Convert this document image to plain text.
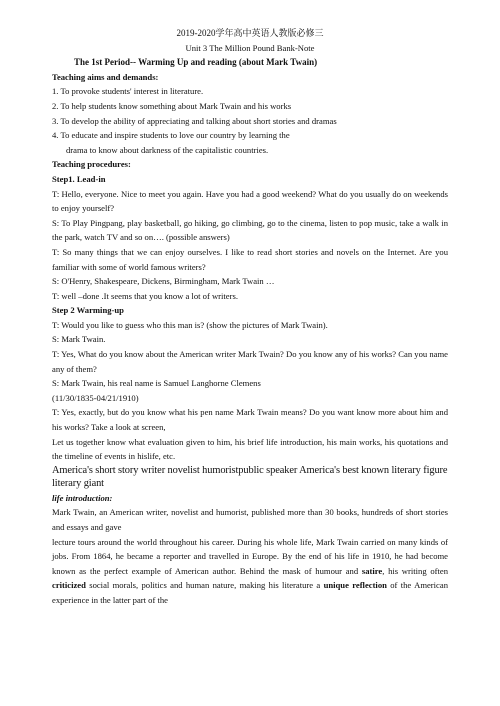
2019-2020学年高中英语人教版必修三

Unit 3 The Million Pound Bank-Note

The 1st Period-- Warming Up and reading (about Mark Twain)

Teaching aims and demands:

1. To provoke students' interest in literature.

2. To help students know something about Mark Twain and his works

3. To develop the ability of appreciating and talking about short stories and dramas

4. To educate and inspire students to love our country by learning the

drama to know about darkness of the capitalistic countries.

Teaching procedures:

Step1. Lead-in

T: Hello, everyone. Nice to meet you again. Have you had a good weekend? What do you usually do on weekends to enjoy yourself?

S: To Play Pingpang, play basketball, go hiking, go climbing, go to the cinema, listen to pop music, take a walk in the park, watch TV and so on…. (possible answers)

T: So many things that we can enjoy ourselves. I like to read short stories and novels on the Internet. Are you familiar with some of world famous writers?

S: O'Henry, Shakespeare, Dickens, Birmingham, Mark Twain …

T: well –done .It seems that you know a lot of writers.

Step 2 Warming-up

T: Would you like to guess who this man is? (show the pictures of Mark Twain).

S: Mark Twain.

T: Yes, What do you know about the American writer Mark Twain? Do you know any of his works? Can you name any of them?

S: Mark Twain, his real name is Samuel Langhorne Clemens

(11/30/1835-04/21/1910)

T: Yes, exactly, but do you know what his pen name Mark Twain means? Do you want know more about him and his works? Take a look at screen,

Let us together know what evaluation given to him, his brief life introduction, his main works, his quotations and the timeline of events in hislife, etc.

America's short story writer novelist humoristpublic speaker America's best known literary figure literary giant

life introduction:

Mark Twain, an American writer, novelist and humorist, published more than 30 books, hundreds of short stories and essays and gave

lecture tours around the world throughout his career. During his whole life, Mark Twain carried on many kinds of jobs. From 1864, he became a reporter and travelled in Europe. By the end of his life in 1910, he had become known as the perfect example of American author. Behind the mask of humour and satire, his writing often criticized social morals, politics and human nature, making his literature a unique reflection of the American experience in the latter part of the
